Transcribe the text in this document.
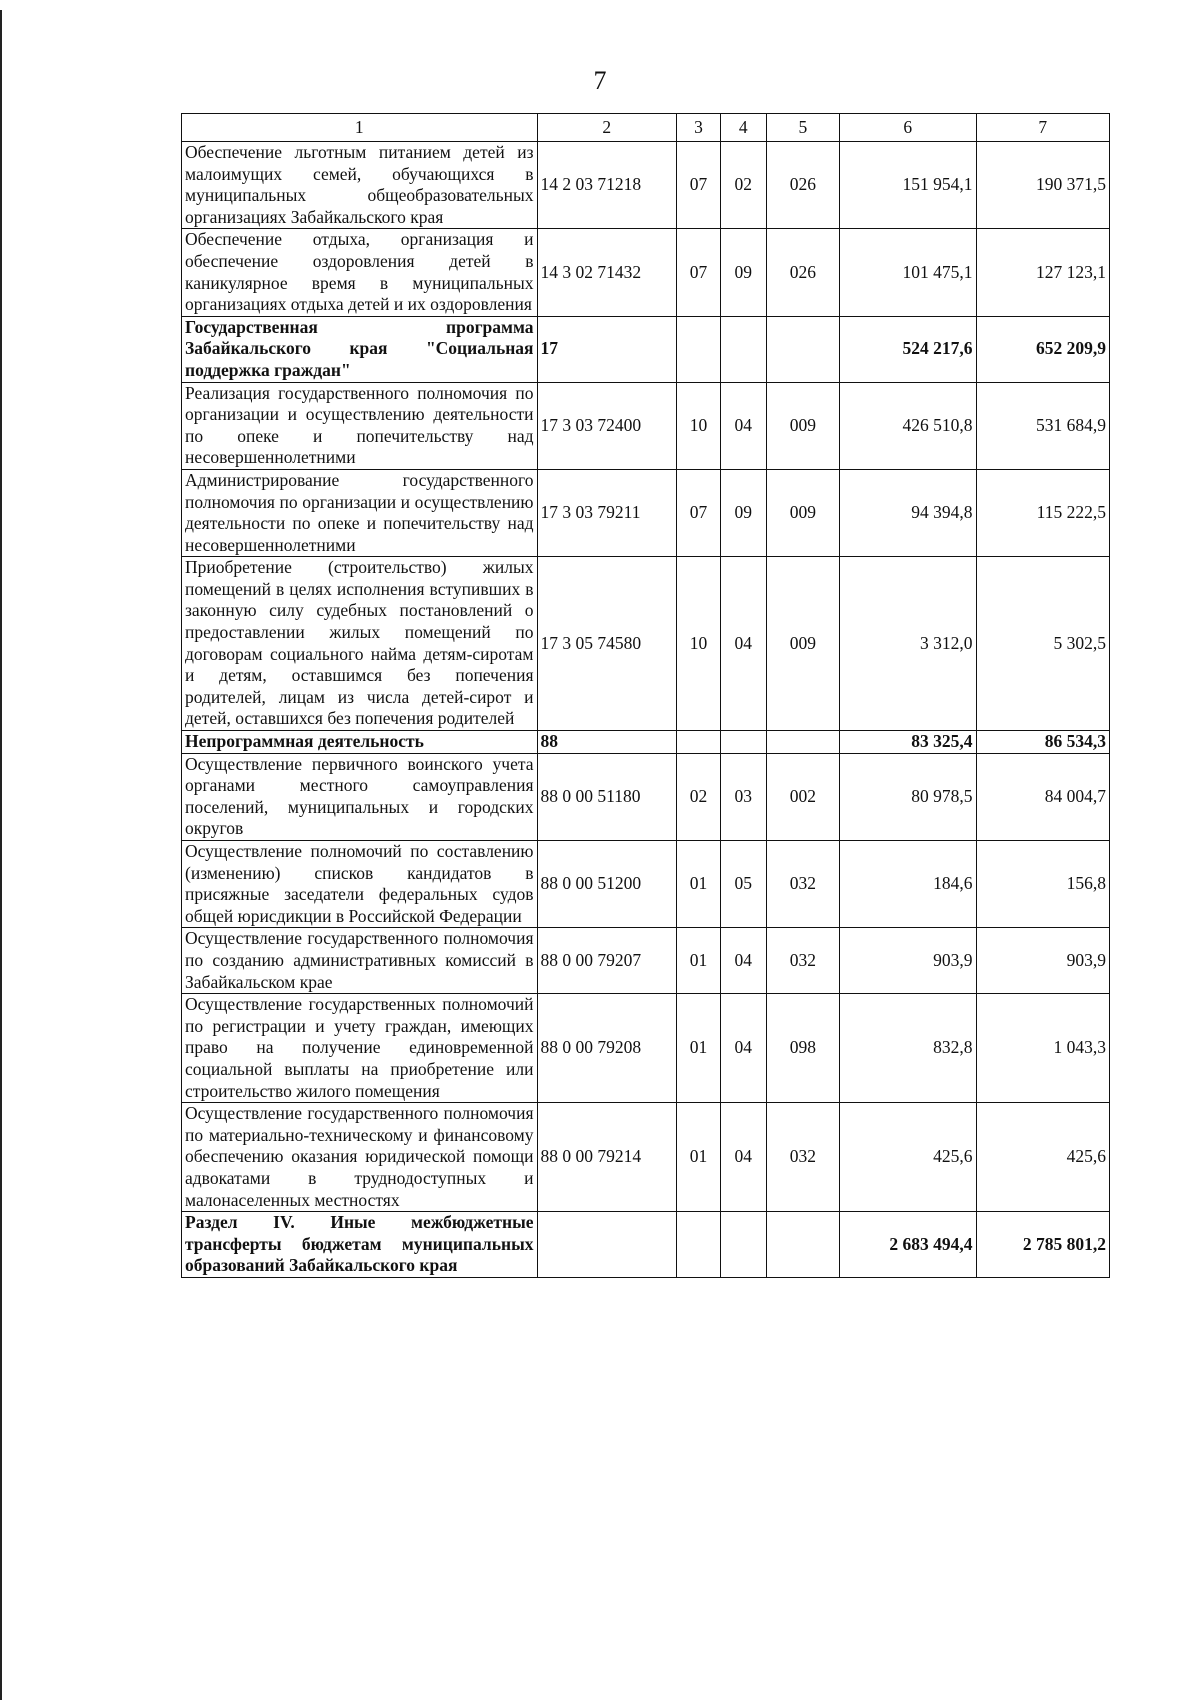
7
1	2	3	4	5	6	7
Обеспечение льготным питанием детей из малоимущих семей, обучающихся в муниципальных общеобразовательных организациях Забайкальского края	14 2 03 71218	07	02	026	151 954,1	190 371,5
Обеспечение отдыха, организация и обеспечение оздоровления детей в каникулярное время в муниципальных организациях отдыха детей и их оздоровления	14 3 02 71432	07	09	026	101 475,1	127 123,1
Государственная программа Забайкальского края "Социальная поддержка граждан"	17				524 217,6	652 209,9
Реализация государственного полномочия по организации и осуществлению деятельности по опеке и попечительству над несовершеннолетними	17 3 03 72400	10	04	009	426 510,8	531 684,9
Администрирование государственного полномочия по организации и осуществлению деятельности по опеке и попечительству над несовершеннолетними	17 3 03 79211	07	09	009	94 394,8	115 222,5
Приобретение (строительство) жилых помещений в целях исполнения вступивших в законную силу судебных постановлений о предоставлении жилых помещений по договорам социального найма детям-сиротам и детям, оставшимся без попечения родителей, лицам из числа детей-сирот и детей, оставшихся без попечения родителей	17 3 05 74580	10	04	009	3 312,0	5 302,5
Непрограммная деятельность	88				83 325,4	86 534,3
Осуществление первичного воинского учета органами местного самоуправления поселений, муниципальных и городских округов	88 0 00 51180	02	03	002	80 978,5	84 004,7
Осуществление полномочий по составлению (изменению) списков кандидатов в присяжные заседатели федеральных судов общей юрисдикции в Российской Федерации	88 0 00 51200	01	05	032	184,6	156,8
Осуществление государственного полномочия по созданию административных комиссий в Забайкальском крае	88 0 00 79207	01	04	032	903,9	903,9
Осуществление государственных полномочий по регистрации и учету граждан, имеющих право на получение единовременной социальной выплаты на приобретение или строительство жилого помещения	88 0 00 79208	01	04	098	832,8	1 043,3
Осуществление государственного полномочия по материально-техническому и финансовому обеспечению оказания юридической помощи адвокатами в труднодоступных и малонаселенных местностях	88 0 00 79214	01	04	032	425,6	425,6
Раздел IV. Иные межбюджетные трансферты бюджетам муниципальных образований Забайкальского края					2 683 494,4	2 785 801,2
